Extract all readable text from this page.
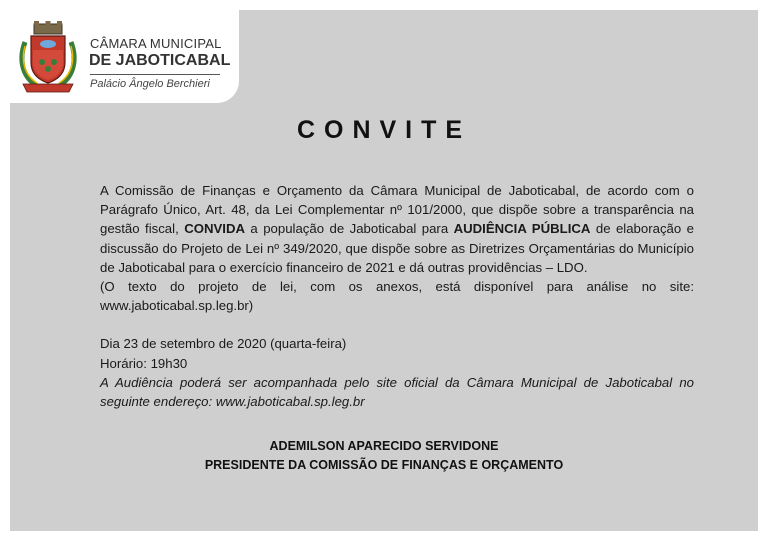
CÂMARA MUNICIPAL
DE JABOTICABAL
Palácio Ângelo Berchieri
CONVITE

A Comissão de Finanças e Orçamento da Câmara Municipal de Jaboticabal, de acordo com o Parágrafo Único, Art. 48, da Lei Complementar nº 101/2000, que dispõe sobre a transparência na gestão fiscal, CONVIDA a população de Jaboticabal para AUDIÊNCIA PÚBLICA de elaboração e discussão do Projeto de Lei nº 349/2020, que dispõe sobre as Diretrizes Orçamentárias do Município de Jaboticabal para o exercício financeiro de 2021 e dá outras providências – LDO.

(O texto do projeto de lei, com os anexos, está disponível para análise no site: www.jaboticabal.sp.leg.br)

Dia 23 de setembro de 2020 (quarta-feira)

Horário: 19h30

A Audiência poderá ser acompanhada pelo site oficial da Câmara Municipal de Jaboticabal no seguinte endereço: www.jaboticabal.sp.leg.br

ADEMILSON APARECIDO SERVIDONE
PRESIDENTE DA COMISSÃO DE FINANÇAS E ORÇAMENTO
